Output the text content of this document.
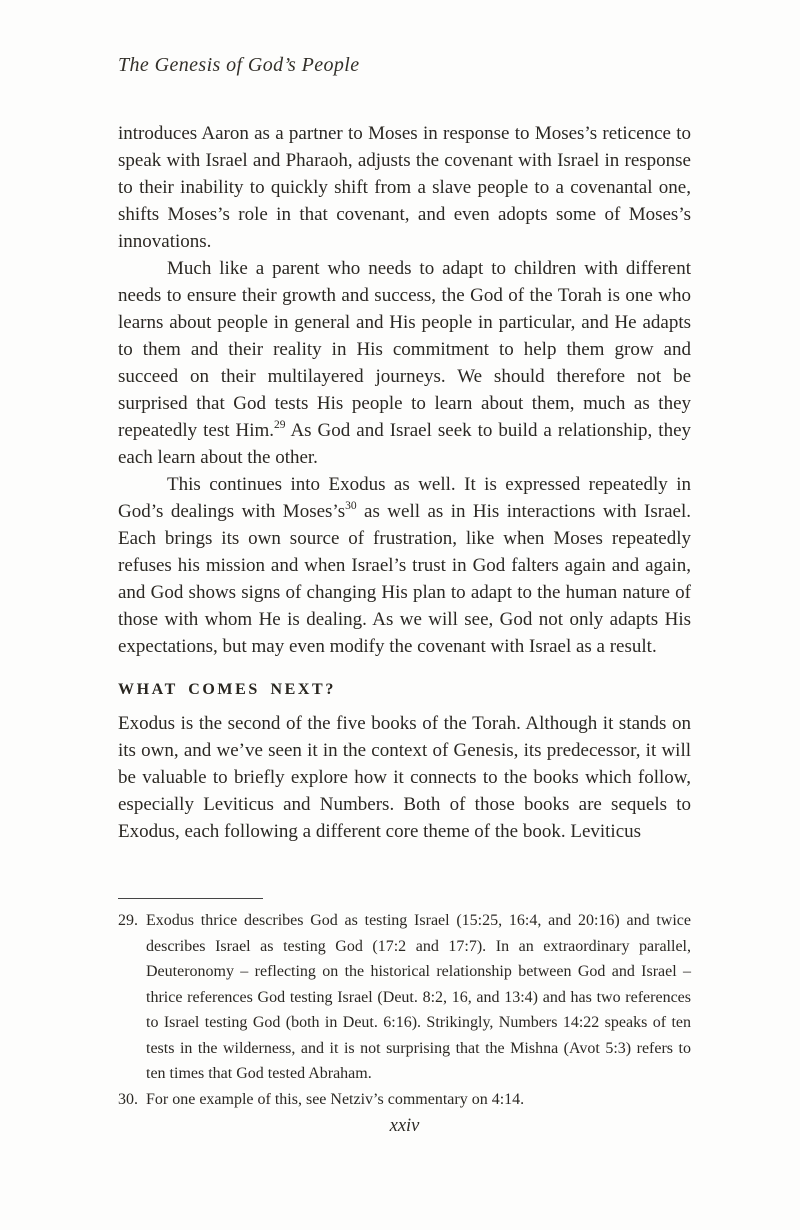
The Genesis of God’s People

introduces Aaron as a partner to Moses in response to Moses’s reticence to speak with Israel and Pharaoh, adjusts the covenant with Israel in response to their inability to quickly shift from a slave people to a covenantal one, shifts Moses’s role in that covenant, and even adopts some of Moses’s innovations.

Much like a parent who needs to adapt to children with different needs to ensure their growth and success, the God of the Torah is one who learns about people in general and His people in particular, and He adapts to them and their reality in His commitment to help them grow and succeed on their multilayered journeys. We should therefore not be surprised that God tests His people to learn about them, much as they repeatedly test Him.$^{29}$ As God and Israel seek to build a relationship, they each learn about the other.

This continues into Exodus as well. It is expressed repeatedly in God’s dealings with Moses’s$^{30}$ as well as in His interactions with Israel. Each brings its own source of frustration, like when Moses repeatedly refuses his mission and when Israel’s trust in God falters again and again, and God shows signs of changing His plan to adapt to the human nature of those with whom He is dealing. As we will see, God not only adapts His expectations, but may even modify the covenant with Israel as a result.

WHAT COMES NEXT?

Exodus is the second of the five books of the Torah. Although it stands on its own, and we’ve seen it in the context of Genesis, its predecessor, it will be valuable to briefly explore how it connects to the books which follow, especially Leviticus and Numbers. Both of those books are sequels to Exodus, each following a different core theme of the book. Leviticus

29. Exodus thrice describes God as testing Israel (15:25, 16:4, and 20:16) and twice describes Israel as testing God (17:2 and 17:7). In an extraordinary parallel, Deuteronomy – reflecting on the historical relationship between God and Israel – thrice references God testing Israel (Deut. 8:2, 16, and 13:4) and has two references to Israel testing God (both in Deut. 6:16). Strikingly, Numbers 14:22 speaks of ten tests in the wilderness, and it is not surprising that the Mishna (Avot 5:3) refers to ten times that God tested Abraham.

30. For one example of this, see Netziv’s commentary on 4:14.

xxiv
